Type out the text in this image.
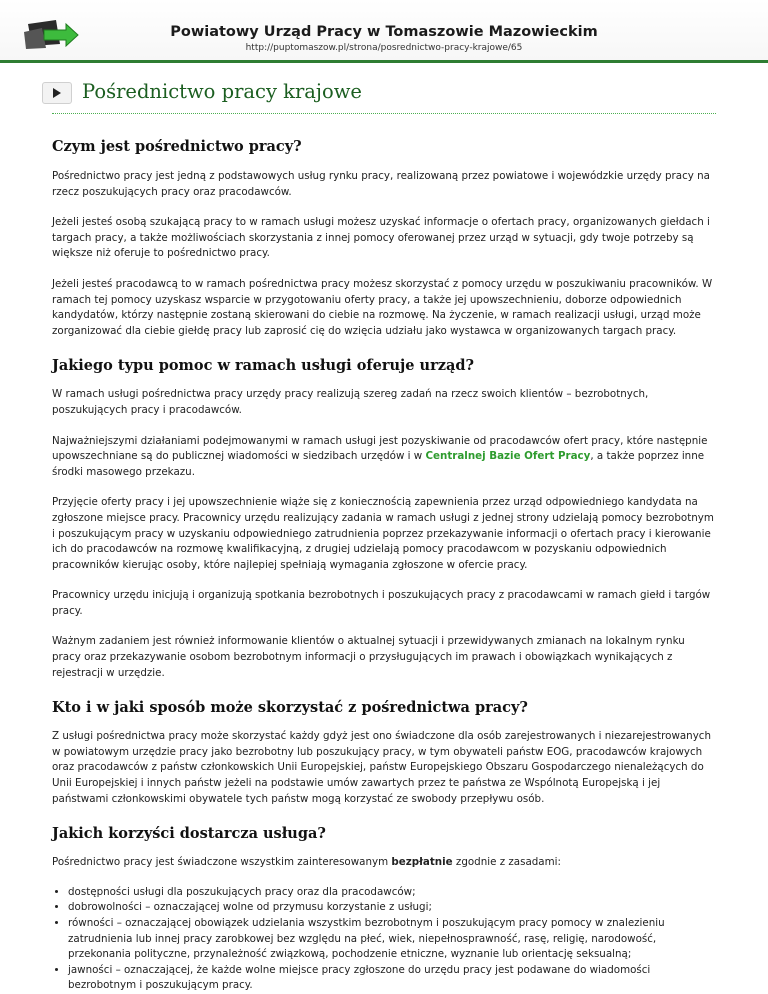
Powiatowy Urząd Pracy w Tomaszowie Mazowieckim
http://puptomaszow.pl/strona/posrednictwo-pracy-krajowe/65
Pośrednictwo pracy krajowe
Czym jest pośrednictwo pracy?

Pośrednictwo pracy jest jedną z podstawowych usług rynku pracy, realizowaną przez powiatowe i wojewódzkie urzędy pracy na rzecz poszukujących pracy oraz pracodawców.

Jeżeli jesteś osobą szukającą pracy to w ramach usługi możesz uzyskać informacje o ofertach pracy, organizowanych giełdach i targach pracy, a także możliwościach skorzystania z innej pomocy oferowanej przez urząd w sytuacji, gdy twoje potrzeby są większe niż oferuje to pośrednictwo pracy.

Jeżeli jesteś pracodawcą to w ramach pośrednictwa pracy możesz skorzystać z pomocy urzędu w poszukiwaniu pracowników. W ramach tej pomocy uzyskasz wsparcie w przygotowaniu oferty pracy, a także jej upowszechnieniu, doborze odpowiednich kandydatów, którzy następnie zostaną skierowani do ciebie na rozmowę. Na życzenie, w ramach realizacji usługi, urząd może zorganizować dla ciebie giełdę pracy lub zaprosić cię do wzięcia udziału jako wystawca w organizowanych targach pracy.

Jakiego typu pomoc w ramach usługi oferuje urząd?

W ramach usługi pośrednictwa pracy urzędy pracy realizują szereg zadań na rzecz swoich klientów – bezrobotnych, poszukujących pracy i pracodawców.

Najważniejszymi działaniami podejmowanymi w ramach usługi jest pozyskiwanie od pracodawców ofert pracy, które następnie upowszechniane są do publicznej wiadomości w siedzibach urzędów i w Centralnej Bazie Ofert Pracy, a także poprzez inne środki masowego przekazu.

Przyjęcie oferty pracy i jej upowszechnienie wiąże się z koniecznością zapewnienia przez urząd odpowiedniego kandydata na zgłoszone miejsce pracy. Pracownicy urzędu realizujący zadania w ramach usługi z jednej strony udzielają pomocy bezrobotnym i poszukującym pracy w uzyskaniu odpowiedniego zatrudnienia poprzez przekazywanie informacji o ofertach pracy i kierowanie ich do pracodawców na rozmowę kwalifikacyjną, z drugiej udzielają pomocy pracodawcom w pozyskaniu odpowiednich pracowników kierując osoby, które najlepiej spełniają wymagania zgłoszone w ofercie pracy.

Pracownicy urzędu inicjują i organizują spotkania bezrobotnych i poszukujących pracy z pracodawcami w ramach giełd i targów pracy.

Ważnym zadaniem jest również informowanie klientów o aktualnej sytuacji i przewidywanych zmianach na lokalnym rynku pracy oraz przekazywanie osobom bezrobotnym informacji o przysługujących im prawach i obowiązkach wynikających z rejestracji w urzędzie.

Kto i w jaki sposób może skorzystać z pośrednictwa pracy?

Z usługi pośrednictwa pracy może skorzystać każdy gdyż jest ono świadczone dla osób zarejestrowanych i niezarejestrowanych w powiatowym urzędzie pracy jako bezrobotny lub poszukujący pracy, w tym obywateli państw EOG, pracodawców krajowych oraz pracodawców z państw członkowskich Unii Europejskiej, państw Europejskiego Obszaru Gospodarczego nienależących do Unii Europejskiej i innych państw jeżeli na podstawie umów zawartych przez te państwa ze Wspólnotą Europejską i jej państwami członkowskimi obywatele tych państw mogą korzystać ze swobody przepływu osób.

Jakich korzyści dostarcza usługa?

Pośrednictwo pracy jest świadczone wszystkim zainteresowanym bezpłatnie zgodnie z zasadami:

• dostępności usługi dla poszukujących pracy oraz dla pracodawców;
• dobrowolności – oznaczającej wolne od przymusu korzystanie z usługi;
• równości – oznaczającej obowiązek udzielania wszystkim bezrobotnym i poszukującym pracy pomocy w znalezieniu zatrudnienia lub innej pracy zarobkowej bez względu na płeć, wiek, niepełnosprawność, rasę, religię, narodowość, przekonania polityczne, przynależność związkową, pochodzenie etniczne, wyznanie lub orientację seksualną;
• jawności – oznaczającej, że każde wolne miejsce pracy zgłoszone do urzędu pracy jest podawane do wiadomości bezrobotnym i poszukującym pracy.
